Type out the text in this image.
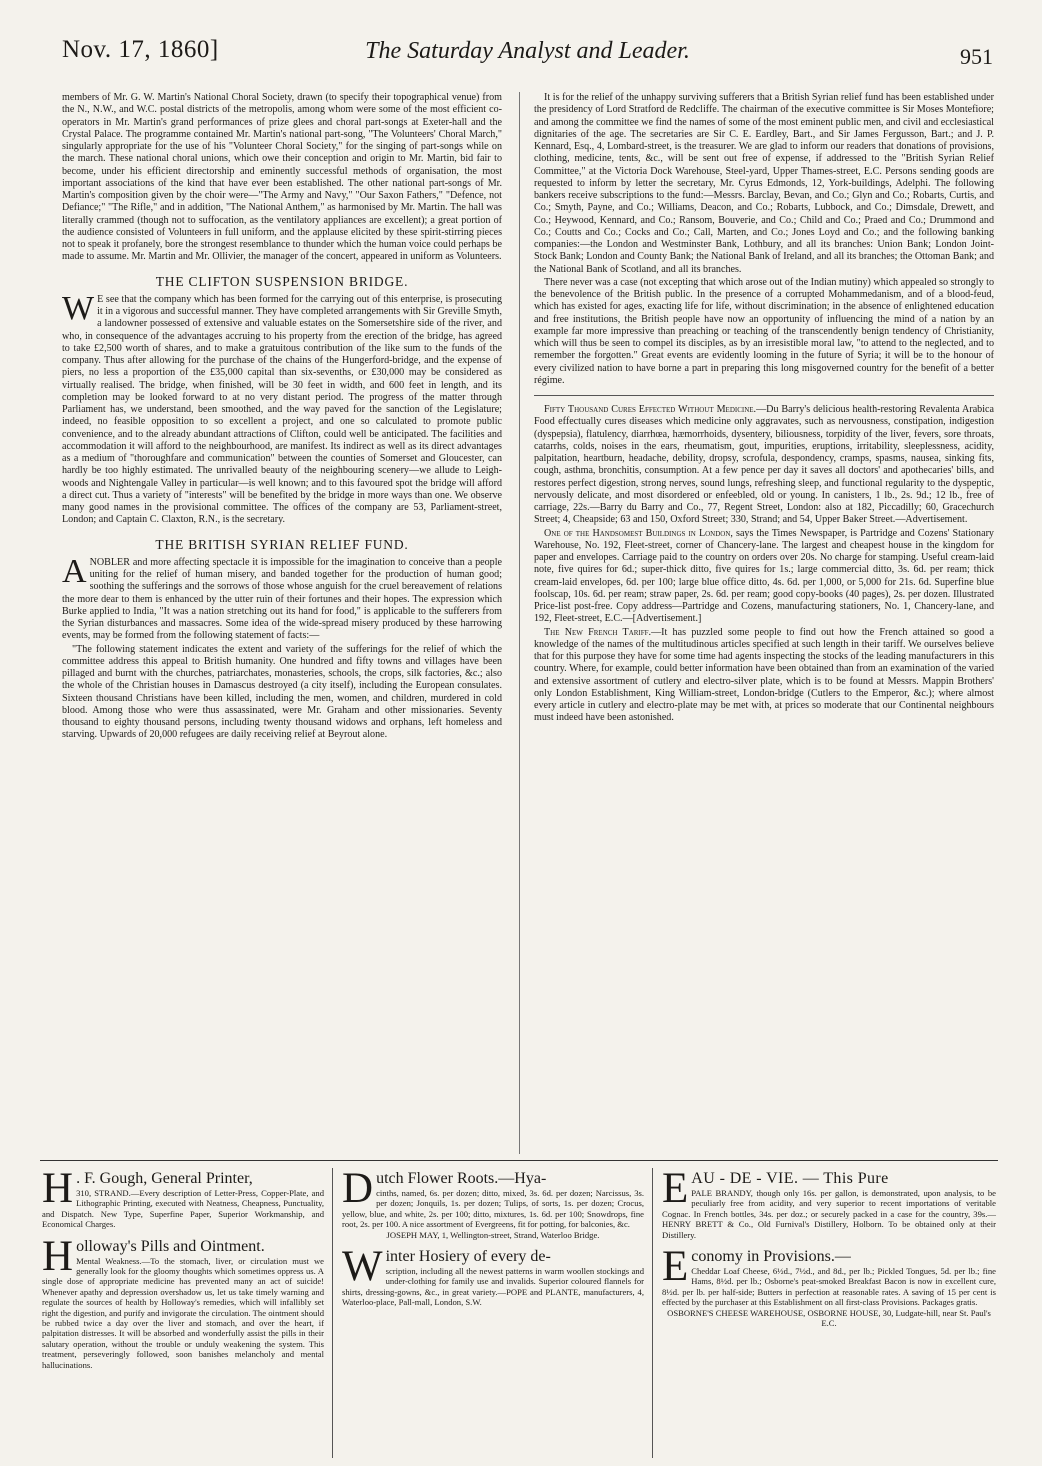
Nov. 17, 1860]	The Saturday Analyst and Leader.	951

members of Mr. G. W. Martin's National Choral Society, drawn (to specify their topographical venue) from the N., N.W., and W.C. postal districts of the metropolis, among whom were some of the most efficient co-operators in Mr. Martin's grand performances of prize glees and choral part-songs at Exeter-hall and the Crystal Palace. The programme contained Mr. Martin's national part-song, "The Volunteers' Choral March," singularly appropriate for the use of his "Volunteer Choral Society," for the singing of part-songs while on the march. These national choral unions, which owe their conception and origin to Mr. Martin, bid fair to become, under his efficient directorship and eminently successful methods of organisation, the most important associations of the kind that have ever been established. The other national part-songs of Mr. Martin's composition given by the choir were—"The Army and Navy," "Our Saxon Fathers," "Defence, not Defiance;" "The Rifle," and in addition, "The National Anthem," as harmonised by Mr. Martin. The hall was literally crammed (though not to suffocation, as the ventilatory appliances are excellent); a great portion of the audience consisted of Volunteers in full uniform, and the applause elicited by these spirit-stirring pieces not to speak it profanely, bore the strongest resemblance to thunder which the human voice could perhaps be made to assume. Mr. Martin and Mr. Ollivier, the manager of the concert, appeared in uniform as Volunteers.

THE CLIFTON SUSPENSION BRIDGE.

W E see that the company which has been formed for the carrying out of this enterprise, is prosecuting it in a vigorous and successful manner. They have completed arrangements with Sir Greville Smyth, a landowner possessed of extensive and valuable estates on the Somersetshire side of the river, and who, in consequence of the advantages accruing to his property from the erection of the bridge, has agreed to take £2,500 worth of shares, and to make a gratuitous contribution of the like sum to the funds of the company. Thus after allowing for the purchase of the chains of the Hungerford-bridge, and the expense of piers, no less a proportion of the £35,000 capital than six-sevenths, or £30,000 may be considered as virtually realised. The bridge, when finished, will be 30 feet in width, and 600 feet in length, and its completion may be looked forward to at no very distant period. The progress of the matter through Parliament has, we understand, been smoothed, and the way paved for the sanction of the Legislature; indeed, no feasible opposition to so excellent a project, and one so calculated to promote public convenience, and to the already abundant attractions of Clifton, could well be anticipated. The facilities and accommodation it will afford to the neighbourhood, are manifest. Its indirect as well as its direct advantages as a medium of "thoroughfare and communication" between the counties of Somerset and Gloucester, can hardly be too highly estimated. The unrivalled beauty of the neighbouring scenery—we allude to Leigh-woods and Nightengale Valley in particular—is well known; and to this favoured spot the bridge will afford a direct cut. Thus a variety of "interests" will be benefited by the bridge in more ways than one. We observe many good names in the provisional committee. The offices of the company are 53, Parliament-street, London; and Captain C. Claxton, R.N., is the secretary.

THE BRITISH SYRIAN RELIEF FUND.

ANOBLER and more affecting spectacle it is impossible for the imagination to conceive than a people uniting for the relief of human misery, and banded together for the production of human good; soothing the sufferings and the sorrows of those whose anguish for the cruel bereavement of relations the more dear to them is enhanced by the utter ruin of their fortunes and their hopes. The expression which Burke applied to India, "It was a nation stretching out its hand for food," is applicable to the sufferers from the Syrian disturbances and massacres. Some idea of the wide-spread misery produced by these harrowing events, may be formed from the following statement of facts:—

"The following statement indicates the extent and variety of the sufferings for the relief of which the committee address this appeal to British humanity. One hundred and fifty towns and villages have been pillaged and burnt with the churches, patriarchates, monasteries, schools, the crops, silk factories, &c.; also the whole of the Christian houses in Damascus destroyed (a city itself), including the European consulates. Sixteen thousand Christians have been killed, including the men, women, and children, murdered in cold blood. Among those who were thus assassinated, were Mr. Graham and other missionaries. Seventy thousand to eighty thousand persons, including twenty thousand widows and orphans, left homeless and starving. Upwards of 20,000 refugees are daily receiving relief at Beyrout alone.

It is for the relief of the unhappy surviving sufferers that a British Syrian relief fund has been established under the presidency of Lord Stratford de Redcliffe. The chairman of the executive committee is Sir Moses Montefiore; and among the committee we find the names of some of the most eminent public men, and civil and ecclesiastical dignitaries of the age. The secretaries are Sir C. E. Eardley, Bart., and Sir James Fergusson, Bart.; and J. P. Kennard, Esq., 4, Lombard-street, is the treasurer. We are glad to inform our readers that donations of provisions, clothing, medicine, tents, &c., will be sent out free of expense, if addressed to the "British Syrian Relief Committee," at the Victoria Dock Warehouse, Steel-yard, Upper Thames-street, E.C. Persons sending goods are requested to inform by letter the secretary, Mr. Cyrus Edmonds, 12, York-buildings, Adelphi. The following bankers receive subscriptions to the fund:—Messrs. Barclay, Bevan, and Co.; Glyn and Co.; Robarts, Curtis, and Co.; Smyth, Payne, and Co.; Williams, Deacon, and Co.; Robarts, Lubbock, and Co.; Dimsdale, Drewett, and Co.; Heywood, Kennard, and Co.; Ransom, Bouverie, and Co.; Child and Co.; Praed and Co.; Drummond and Co.; Coutts and Co.; Cocks and Co.; Call, Marten, and Co.; Jones Loyd and Co.; and the following banking companies:—the London and Westminster Bank, Lothbury, and all its branches: Union Bank; London Joint-Stock Bank; London and County Bank; the National Bank of Ireland, and all its branches; the Ottoman Bank; and the National Bank of Scotland, and all its branches.

There never was a case (not excepting that which arose out of the Indian mutiny) which appealed so strongly to the benevolence of the British public. In the presence of a corrupted Mohammedanism, and of a blood-feud, which has existed for ages, exacting life for life, without discrimination; in the absence of enlightened education and free institutions, the British people have now an opportunity of influencing the mind of a nation by an example far more impressive than preaching or teaching of the transcendently benign tendency of Christianity, which will thus be seen to compel its disciples, as by an irresistible moral law, "to attend to the neglected, and to remember the forgotten." Great events are evidently looming in the future of Syria; it will be to the honour of every civilized nation to have borne a part in preparing this long misgoverned country for the benefit of a better régime.

Fifty Thousand Cures Effected Without Medicine.—Du Barry's delicious health-restoring Revalenta Arabica Food effectually cures diseases which medicine only aggravates, such as nervousness, constipation, indigestion (dyspepsia), flatulency, diarrhœa, hæmorrhoids, dysentery, biliousness, torpidity of the liver, fevers, sore throats, catarrhs, colds, noises in the ears, rheumatism, gout, impurities, eruptions, irritability, sleeplessness, acidity, palpitation, heartburn, headache, debility, dropsy, scrofula, despondency, cramps, spasms, nausea, sinking fits, cough, asthma, bronchitis, consumption. At a few pence per day it saves all doctors' and apothecaries' bills, and restores perfect digestion, strong nerves, sound lungs, refreshing sleep, and functional regularity to the dyspeptic, nervously delicate, and most disordered or enfeebled, old or young. In canisters, 1 lb., 2s. 9d.; 12 lb., free of carriage, 22s.—Barry du Barry and Co., 77, Regent Street, London: also at 182, Piccadilly; 60, Gracechurch Street; 4, Cheapside; 63 and 150, Oxford Street; 330, Strand; and 54, Upper Baker Street.—Advertisement.

One of the Handsomest Buildings in London, says the Times Newspaper, is Partridge and Cozens' Stationary Warehouse, No. 192, Fleet-street, corner of Chancery-lane. The largest and cheapest house in the kingdom for paper and envelopes. Carriage paid to the country on orders over 20s. No charge for stamping. Useful cream-laid note, five quires for 6d.; super-thick ditto, five quires for 1s.; large commercial ditto, 3s. 6d. per ream; thick cream-laid envelopes, 6d. per 100; large blue office ditto, 4s. 6d. per 1,000, or 5,000 for 21s. 6d. Superfine blue foolscap, 10s. 6d. per ream; straw paper, 2s. 6d. per ream; good copy-books (40 pages), 2s. per dozen. Illustrated Price-list post-free. Copy address—Partridge and Cozens, manufacturing stationers, No. 1, Chancery-lane, and 192, Fleet-street, E.C.—[Advertisement.]

The New French Tariff.—It has puzzled some people to find out how the French attained so good a knowledge of the names of the multitudinous articles specified at such length in their tariff. We ourselves believe that for this purpose they have for some time had agents inspecting the stocks of the leading manufacturers in this country. Where, for example, could better information have been obtained than from an examination of the varied and extensive assortment of cutlery and electro-silver plate, which is to be found at Messrs. Mappin Brothers' only London Establishment, King William-street, London-bridge (Cutlers to the Emperor, &c.); where almost every article in cutlery and electro-plate may be met with, at prices so moderate that our Continental neighbours must indeed have been astonished.

H . F. Gough, General Printer,
310, STRAND.—Every description of Letter-Press, Copper-Plate, and Lithographic Printing, executed with Neatness, Cheapness, Punctuality, and Dispatch. New Type, Superfine Paper, Superior Workmanship, and Economical Charges.
Holloway's Pills and Ointment.
Mental Weakness.—To the stomach, liver, or circulation must we generally look for the gloomy thoughts which sometimes oppress us. A single dose of appropriate medicine has prevented many an act of suicide! Whenever apathy and depression overshadow us, let us take timely warning and regulate the sources of health by Holloway's remedies, which will infallibly set right the digestion, and purify and invigorate the circulation. The ointment should be rubbed twice a day over the liver and stomach, and over the heart, if palpitation distresses. It will be absorbed and wonderfully assist the pills in their salutary operation, without the trouble or unduly weakening the system. This treatment, perseveringly followed, soon banishes melancholy and mental hallucinations.
Dutch Flower Roots.—Hya-
cinths, named, 6s. per dozen; ditto, mixed, 3s. 6d. per dozen; Narcissus, 3s. per dozen; Jonquils, 1s. per dozen; Tulips, of sorts, 1s. per dozen; Crocus, yellow, blue, and white, 2s. per 100; ditto, mixtures, 1s. 6d. per 100; Snowdrops, fine root, 2s. per 100. A nice assortment of Evergreens, fit for potting, for balconies, &c.
JOSEPH MAY, 1, Wellington-street, Strand, Waterloo Bridge.
Winter Hosiery of every de-
scription, including all the newest patterns in warm woollen stockings and under-clothing for family use and invalids. Superior coloured flannels for shirts, dressing-gowns, &c., in great variety.—POPE and PLANTE, manufacturers, 4, Waterloo-place, Pall-mall, London, S.W.
EAU - DE - VIE. — This Pure
PALE BRANDY, though only 16s. per gallon, is demonstrated, upon analysis, to be peculiarly free from acidity, and very superior to recent importations of veritable Cognac. In French bottles, 34s. per doz.; or securely packed in a case for the country, 39s.—HENRY BRETT & Co., Old Furnival's Distillery, Holborn. To be obtained only at their Distillery.
Economy in Provisions.—
Cheddar Loaf Cheese, 6½d., 7½d., and 8d., per lb.; Pickled Tongues, 5d. per lb.; fine Hams, 8½d. per lb.; Osborne's peat-smoked Breakfast Bacon is now in excellent cure, 8½d. per lb. per half-side; Butters in perfection at reasonable rates. A saving of 15 per cent is effected by the purchaser at this Establishment on all first-class Provisions. Packages gratis.
OSBORNE'S CHEESE WAREHOUSE, OSBORNE HOUSE, 30, Ludgate-hill, near St. Paul's E.C.
